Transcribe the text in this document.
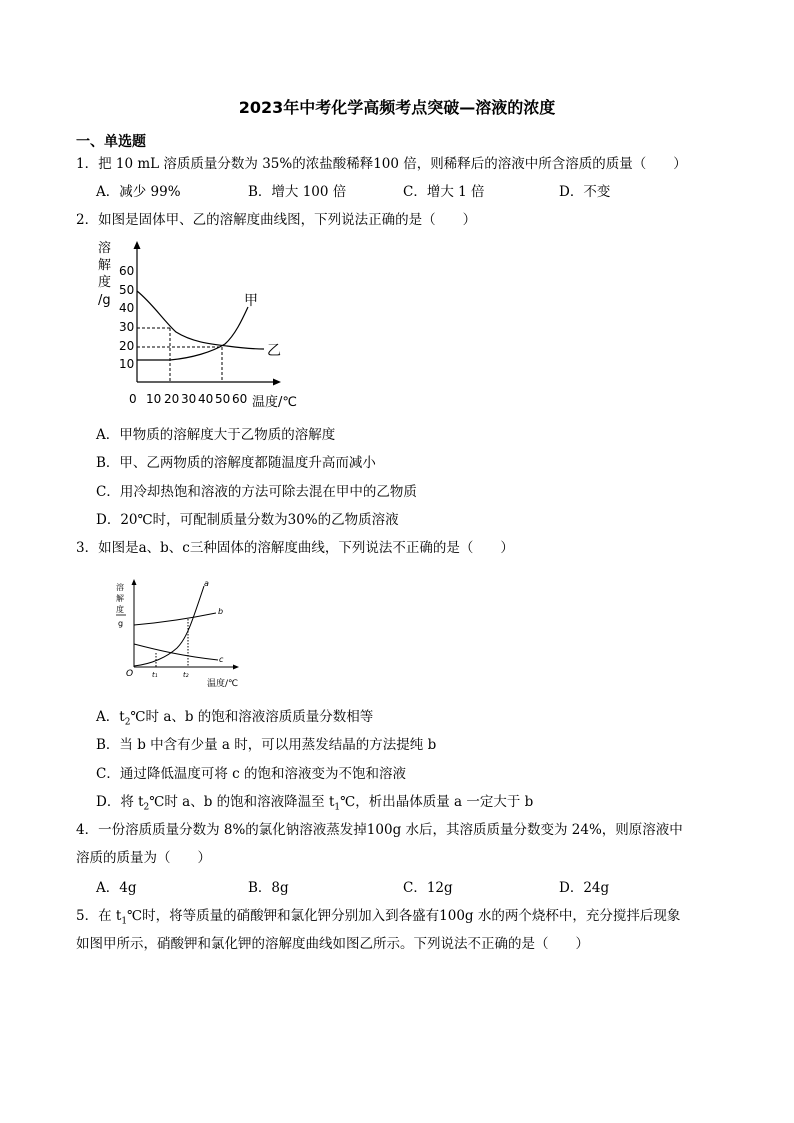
2023年中考化学高频考点突破—溶液的浓度
一、单选题
1．把 10 mL 溶质质量分数为 35%的浓盐酸稀释100 倍，则稀释后的溶液中所含溶质的质量（　　）
A．减少 99%	B．增大 100 倍	C．增大 1 倍	D．不变
2．如图是固体甲、乙的溶解度曲线图，下列说法正确的是（　　）
溶
解
度
/g
60
50
40
30
20
10
甲
乙
0 10 20 30 40 50 60 温度/℃
A．甲物质的溶解度大于乙物质的溶解度
B．甲、乙两物质的溶解度都随温度升高而减小
C．用冷却热饱和溶液的方法可除去混在甲中的乙物质
D．20℃时，可配制质量分数为30%的乙物质溶液
3．如图是a、b、c三种固体的溶解度曲线，下列说法不正确的是（　　）
溶
解
度
g
O	t₁	t₂
a
b
c
温度/℃
A．$t_2℃$时 a、b 的饱和溶液溶质质量分数相等
B．当 b 中含有少量 a 时，可以用蒸发结晶的方法提纯 b
C．通过降低温度可将 c 的饱和溶液变为不饱和溶液
D．将 $t_2℃$时 a、b 的饱和溶液降温至 $t_1℃$，析出晶体质量 a 一定大于 b
4．一份溶质质量分数为 8%的氯化钠溶液蒸发掉100g 水后，其溶质质量分数变为 24%，则原溶液中
溶质的质量为（　　）
A．4g	B．8g	C．12g	D．24g
5．在 $t_1℃$时，将等质量的硝酸钾和氯化钾分别加入到各盛有100g 水的两个烧杯中，充分搅拌后现象
如图甲所示，硝酸钾和氯化钾的溶解度曲线如图乙所示。下列说法不正确的是（　　）
